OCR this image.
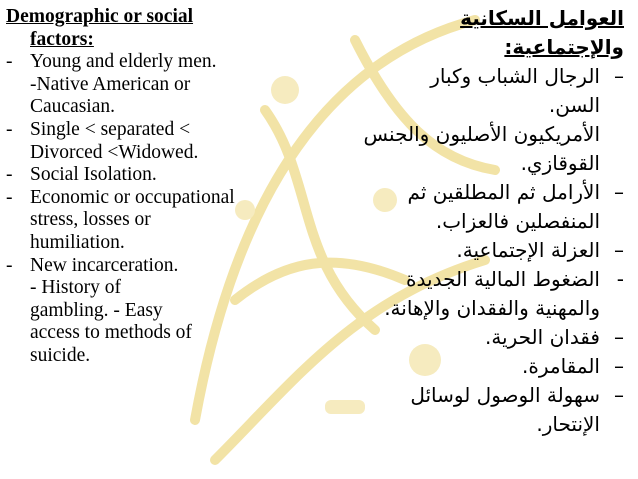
Demographic or social
factors:
- Young and elderly men.
-Native American or
Caucasian.
- Single < separated <
Divorced <Widowed.
- Social Isolation.
- Economic or occupational
stress, losses or
humiliation.
- New incarceration.
- History of
gambling. - Easy
access to methods of
suicide.
العوامل السكانية
والإجتماعية:
–
الرجال الشباب وكبار
السن.
الأمريكيون الأصليون والجنس
القوقازي.
–
الأرامل ثم المطلقين ثم
المنفصلين فالعزاب.
–
العزلة الإجتماعية.
-
الضغوط المالية الجديدة
والمهنية والفقدان والإهانة.
–
فقدان الحرية.
–
المقامرة.
–
سهولة الوصول لوسائل
الإنتحار.
